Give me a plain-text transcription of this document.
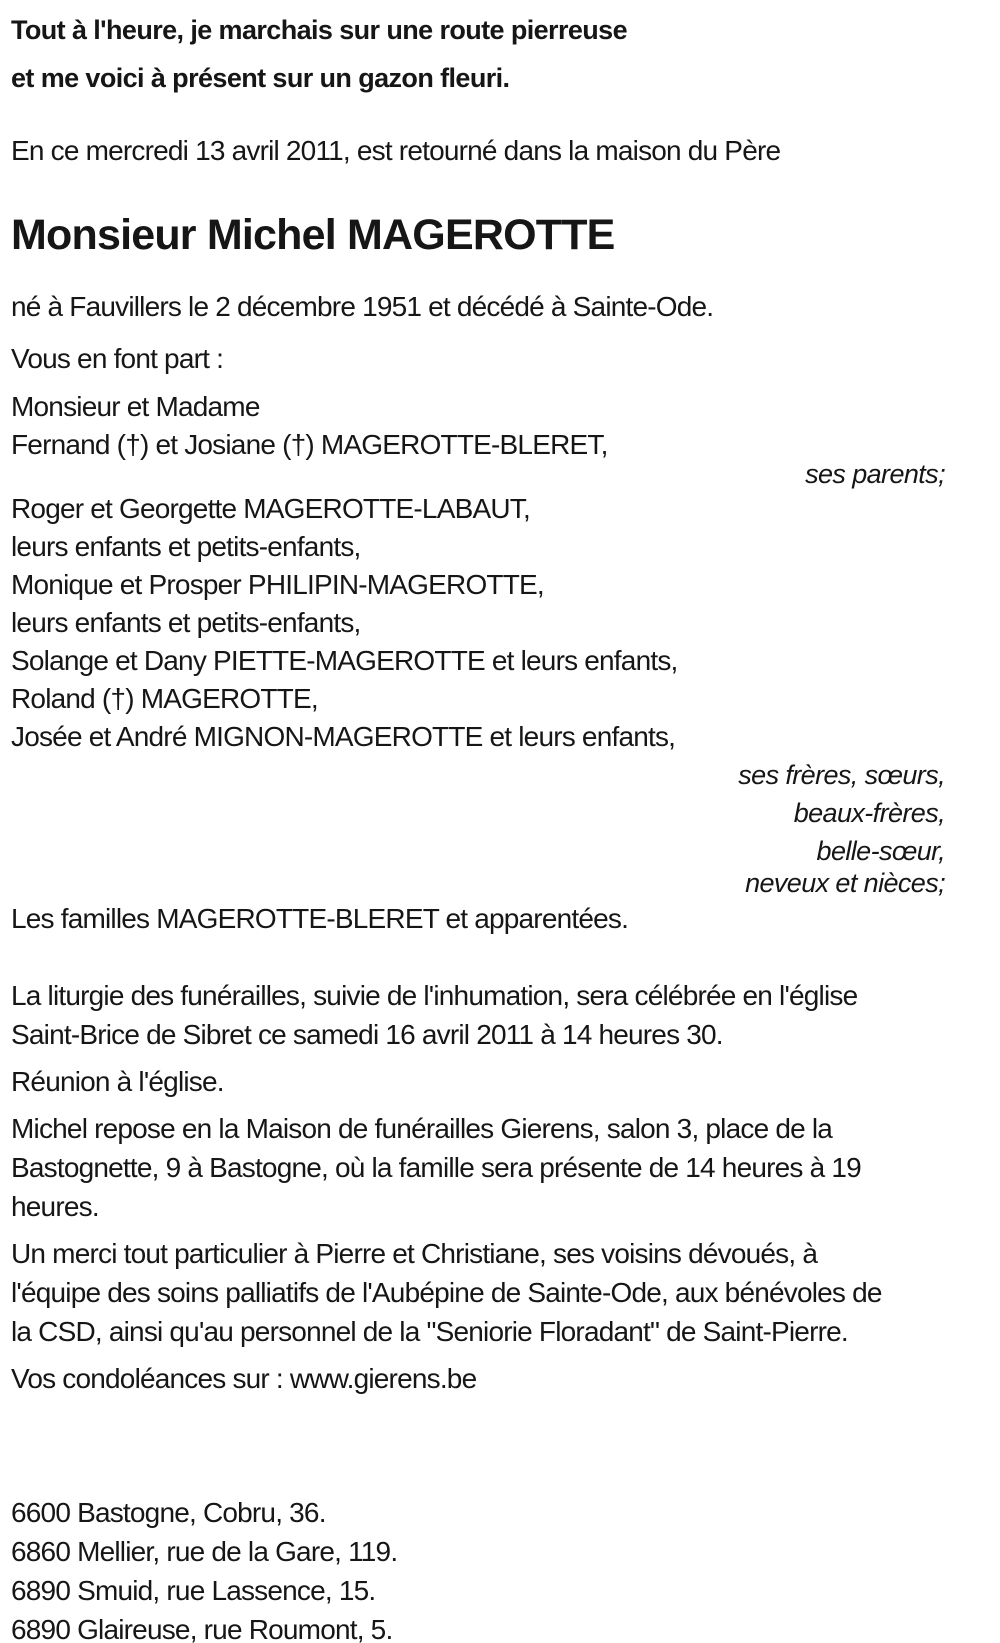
Tout à l'heure, je marchais sur une route pierreuse

et me voici à présent sur un gazon fleuri.

En ce mercredi 13 avril 2011, est retourné dans la maison du Père

Monsieur Michel MAGEROTTE

né à Fauvillers le 2 décembre 1951 et décédé à Sainte-Ode.

Vous en font part :

Monsieur et Madame

Fernand (†) et Josiane (†) MAGEROTTE-BLERET,

ses parents;

Roger et Georgette MAGEROTTE-LABAUT,

leurs enfants et petits-enfants,

Monique et Prosper PHILIPIN-MAGEROTTE,

leurs enfants et petits-enfants,

Solange et Dany PIETTE-MAGEROTTE et leurs enfants,

Roland (†) MAGEROTTE,

Josée et André MIGNON-MAGEROTTE et leurs enfants,

ses frères, sœurs,

beaux-frères,

belle-sœur,

neveux et nièces;

Les familles MAGEROTTE-BLERET et apparentées.

La liturgie des funérailles, suivie de l'inhumation, sera célébrée en l'église

Saint-Brice de Sibret ce samedi 16 avril 2011 à 14 heures 30.

Réunion à l'église.

Michel repose en la Maison de funérailles Gierens, salon 3, place de la

Bastognette, 9 à Bastogne, où la famille sera présente de 14 heures à 19

heures.

Un merci tout particulier à Pierre et Christiane, ses voisins dévoués, à

l'équipe des soins palliatifs de l'Aubépine de Sainte-Ode, aux bénévoles de

la CSD, ainsi qu'au personnel de la "Seniorie Floradant" de Saint-Pierre.

Vos condoléances sur : www.gierens.be

6600 Bastogne, Cobru, 36.

6860 Mellier, rue de la Gare, 119.

6890 Smuid, rue Lassence, 15.

6890 Glaireuse, rue Roumont, 5.
